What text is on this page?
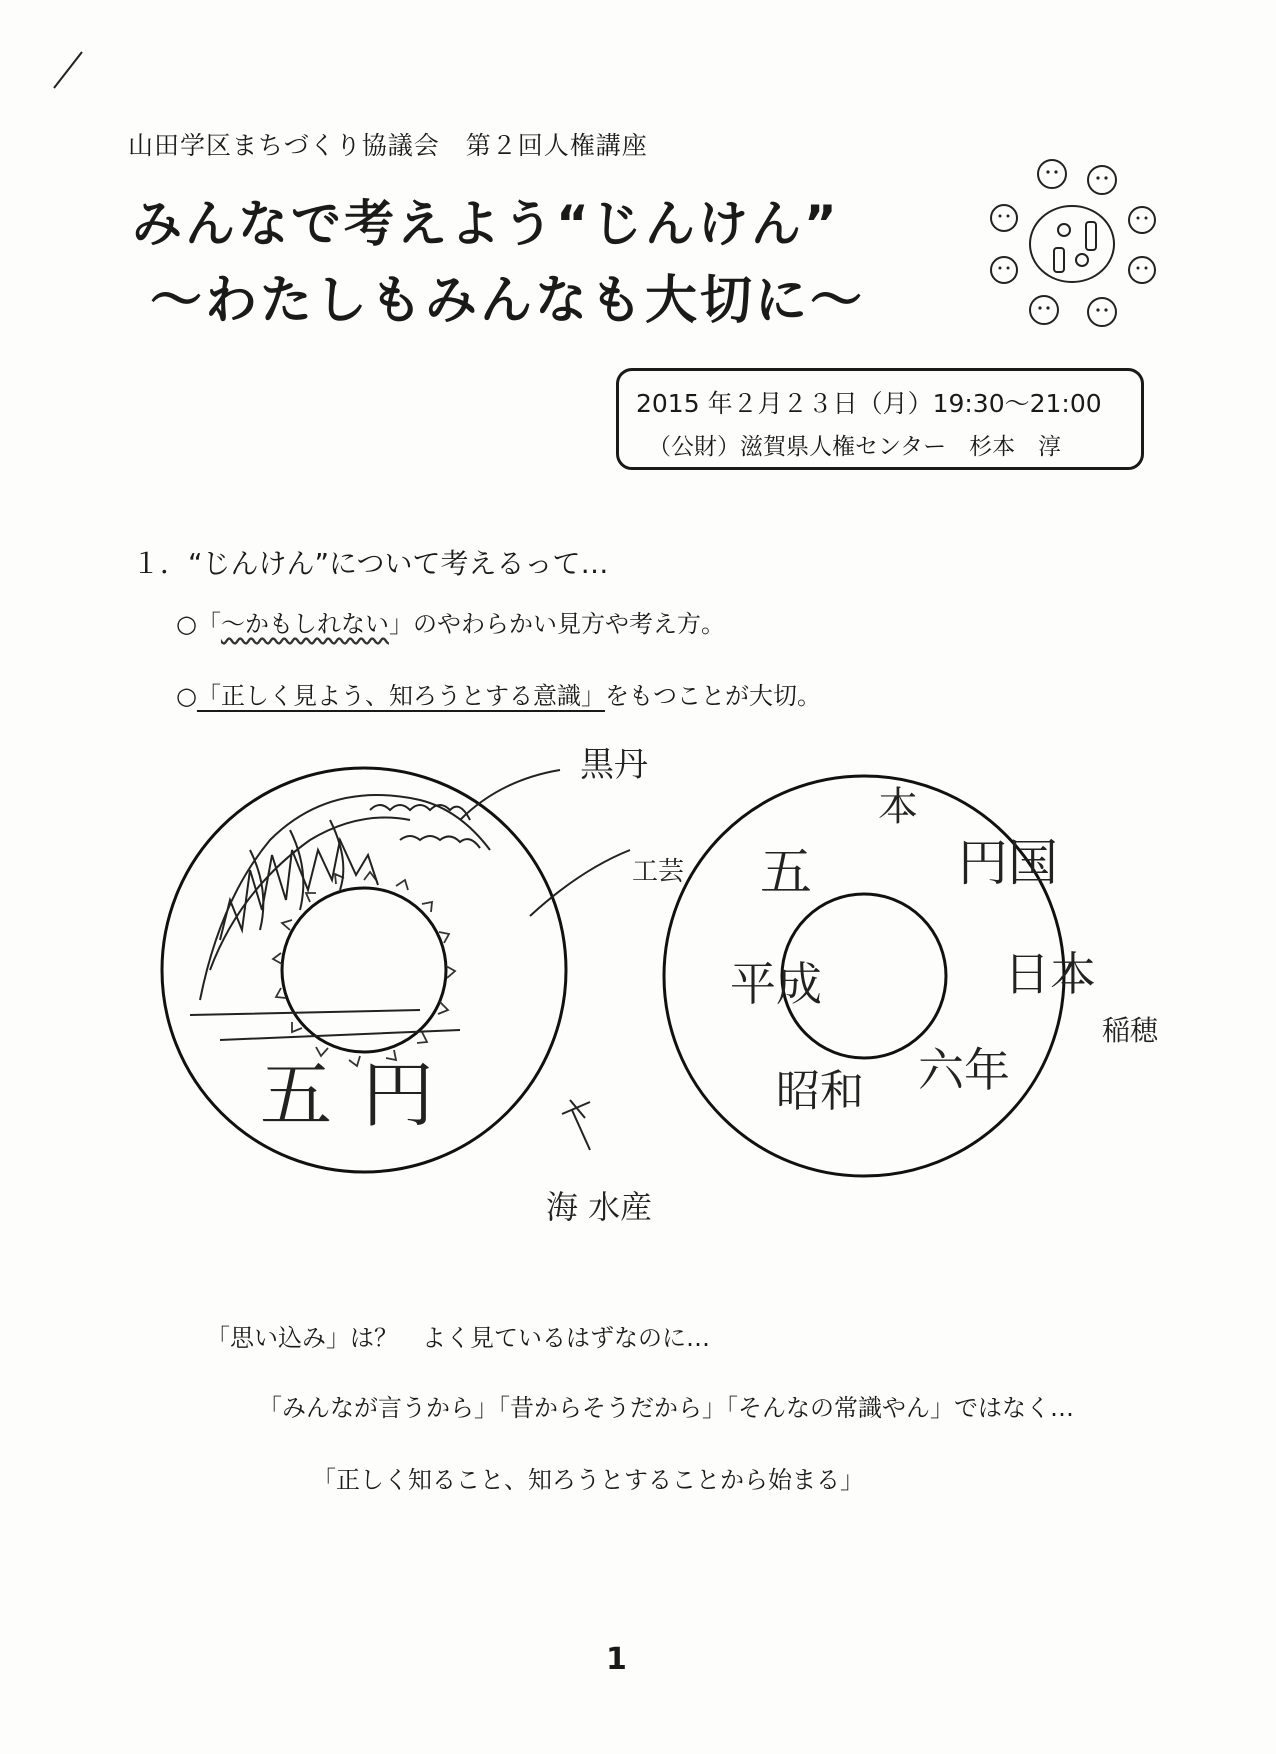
山田学区まちづくり協議会　第２回人権講座
みんなで考えよう“じんけん”
～わたしもみんなも大切に～
2015 年２月２３日（月）19:30～21:00
（公財）滋賀県人権センター　杉本　淳
１．“じんけん”について考えるって…
○「～かもしれない」のやわらかい見方や考え方。
○「正しく見よう、知ろうとする意識」をもつことが大切。
黒丹
工芸
五円
海 水産
本
五	円国
平成	日本
昭和 六年
稲穂
「思い込み」は？　よく見ているはずなのに…
「みんなが言うから」「昔からそうだから」「そんなの常識やん」ではなく…
「正しく知ること、知ろうとすることから始まる」
1
